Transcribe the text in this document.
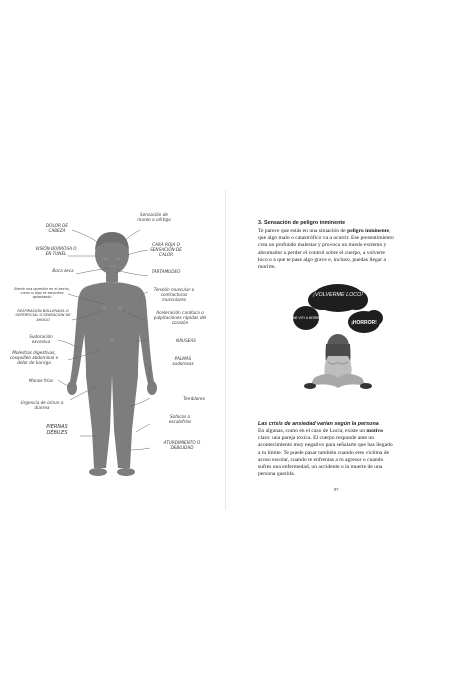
DOLOR DE CABEZA
VISIÓN BORROSA O EN TÚNEL
Boca seca
Siente una opresión en el pecho, como si algo te estuviera aplastando
RESPIRACIÓN BOLLERADA O SUPERFICIAL O SENSACIÓN DE AHOGO
Sudoración excesiva
Molestias digestivas, cosquilleo abdominal o dolor de barriga
Manos frías
Urgencia de orinar o diarrea
PIERNAS DÉBILES
Sensación de mareo o vértigo
CARA ROJA O SENSACIÓN DE CALOR
TARTAMUDEO
Tensión muscular o contracturas musculares
Aceleración cardíaca o palpitaciones rápidas del corazón
NÁUSEAS
PALMAS sudorosas
Temblores
Sofocos o escalofríos
ATURDIMIENTO O DEBILIDAD
3. Sensación de peligro inminente
Te parece que estás en una situación de peligro inminente, que algo malo o catastrófico va a ocurrir. Ese presentimiento crea un profundo malestar y provoca un miedo extremo y abrumador a perder el control sobre el cuerpo, a volverte loco o a que te pase algo grave e, incluso, puedas llegar a morirte.
¡VOLVERME LOCO!
¿ME VOY A MORIR?
¡HORROR!
Las crisis de ansiedad varían según la persona
En algunas, como en el caso de Lucía, existe un motivo claro: una pareja tóxica. El cuerpo responde ante un acontecimiento muy negativo para señalarte que has llegado a tu límite. Te puede pasar también cuando eres víctima de acoso escolar, cuando te enfrentas a tu agresor o cuando sufres una enfermedad, un accidente o la muerte de una persona querida.
97
